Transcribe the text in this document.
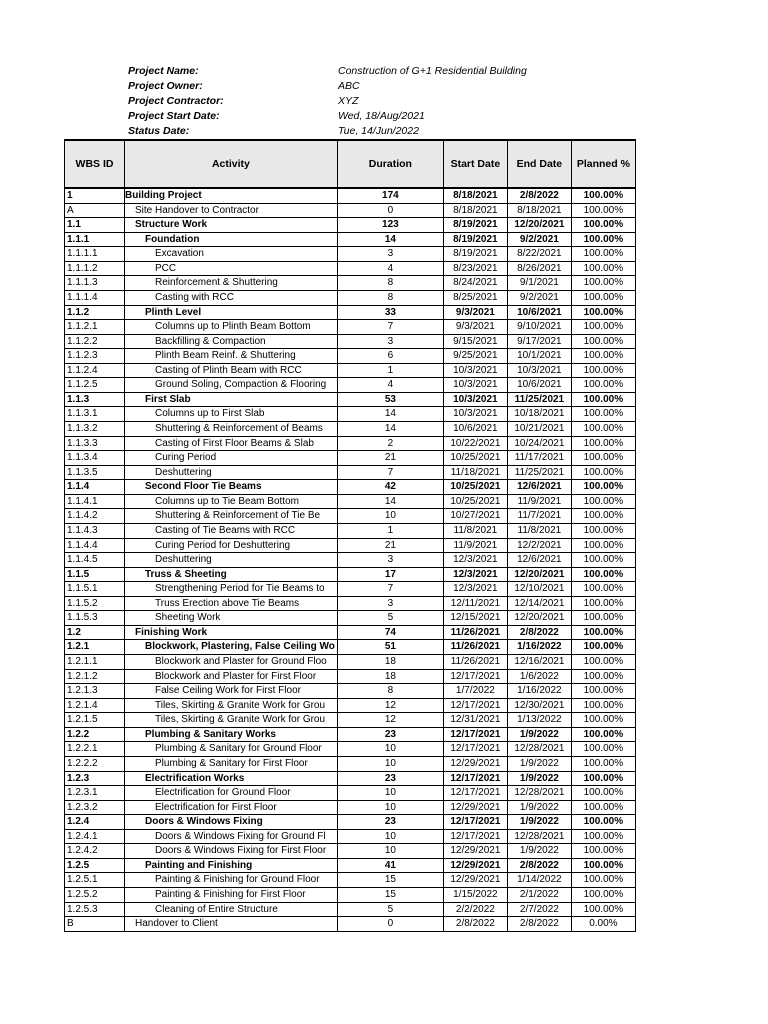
Project Name:	Construction of G+1 Residential Building
Project Owner:	ABC
Project Contractor:	XYZ
Project Start Date:	Wed, 18/Aug/2021
Status Date:	Tue, 14/Jun/2022
WBS ID	Activity	Duration	Start Date	End Date	Planned %
1	Building Project	174	8/18/2021	2/8/2022	100.00%
A	Site Handover to Contractor	0	8/18/2021	8/18/2021	100.00%
1.1	Structure Work	123	8/19/2021	12/20/2021	100.00%
1.1.1	Foundation	14	8/19/2021	9/2/2021	100.00%
1.1.1.1	Excavation	3	8/19/2021	8/22/2021	100.00%
1.1.1.2	PCC	4	8/23/2021	8/26/2021	100.00%
1.1.1.3	Reinforcement & Shuttering	8	8/24/2021	9/1/2021	100.00%
1.1.1.4	Casting with RCC	8	8/25/2021	9/2/2021	100.00%
1.1.2	Plinth Level	33	9/3/2021	10/6/2021	100.00%
1.1.2.1	Columns up to Plinth Beam Bottom	7	9/3/2021	9/10/2021	100.00%
1.1.2.2	Backfilling & Compaction	3	9/15/2021	9/17/2021	100.00%
1.1.2.3	Plinth Beam Reinf. & Shuttering	6	9/25/2021	10/1/2021	100.00%
1.1.2.4	Casting of Plinth Beam with RCC	1	10/3/2021	10/3/2021	100.00%
1.1.2.5	Ground Soling, Compaction & Flooring	4	10/3/2021	10/6/2021	100.00%
1.1.3	First Slab	53	10/3/2021	11/25/2021	100.00%
1.1.3.1	Columns up to First Slab	14	10/3/2021	10/18/2021	100.00%
1.1.3.2	Shuttering & Reinforcement of Beams	14	10/6/2021	10/21/2021	100.00%
1.1.3.3	Casting of First Floor Beams & Slab	2	10/22/2021	10/24/2021	100.00%
1.1.3.4	Curing Period	21	10/25/2021	11/17/2021	100.00%
1.1.3.5	Deshuttering	7	11/18/2021	11/25/2021	100.00%
1.1.4	Second Floor Tie Beams	42	10/25/2021	12/6/2021	100.00%
1.1.4.1	Columns up to Tie Beam Bottom	14	10/25/2021	11/9/2021	100.00%
1.1.4.2	Shuttering & Reinforcement of Tie Be	10	10/27/2021	11/7/2021	100.00%
1.1.4.3	Casting of Tie Beams with RCC	1	11/8/2021	11/8/2021	100.00%
1.1.4.4	Curing Period for Deshuttering	21	11/9/2021	12/2/2021	100.00%
1.1.4.5	Deshuttering	3	12/3/2021	12/6/2021	100.00%
1.1.5	Truss & Sheeting	17	12/3/2021	12/20/2021	100.00%
1.1.5.1	Strengthening Period for Tie Beams to	7	12/3/2021	12/10/2021	100.00%
1.1.5.2	Truss Erection above Tie Beams	3	12/11/2021	12/14/2021	100.00%
1.1.5.3	Sheeting Work	5	12/15/2021	12/20/2021	100.00%
1.2	Finishing Work	74	11/26/2021	2/8/2022	100.00%
1.2.1	Blockwork, Plastering, False Ceiling Wo	51	11/26/2021	1/16/2022	100.00%
1.2.1.1	Blockwork and Plaster for Ground Floo	18	11/26/2021	12/16/2021	100.00%
1.2.1.2	Blockwork and Plaster for First Floor	18	12/17/2021	1/6/2022	100.00%
1.2.1.3	False Ceiling Work for First Floor	8	1/7/2022	1/16/2022	100.00%
1.2.1.4	Tiles, Skirting & Granite Work for Grou	12	12/17/2021	12/30/2021	100.00%
1.2.1.5	Tiles, Skirting & Granite Work for Grou	12	12/31/2021	1/13/2022	100.00%
1.2.2	Plumbing & Sanitary Works	23	12/17/2021	1/9/2022	100.00%
1.2.2.1	Plumbing & Sanitary for Ground Floor	10	12/17/2021	12/28/2021	100.00%
1.2.2.2	Plumbing & Sanitary for First Floor	10	12/29/2021	1/9/2022	100.00%
1.2.3	Electrification Works	23	12/17/2021	1/9/2022	100.00%
1.2.3.1	Electrification for Ground Floor	10	12/17/2021	12/28/2021	100.00%
1.2.3.2	Electrification for First Floor	10	12/29/2021	1/9/2022	100.00%
1.2.4	Doors & Windows Fixing	23	12/17/2021	1/9/2022	100.00%
1.2.4.1	Doors & Windows Fixing for Ground Fl	10	12/17/2021	12/28/2021	100.00%
1.2.4.2	Doors & Windows Fixing for First Floor	10	12/29/2021	1/9/2022	100.00%
1.2.5	Painting and Finishing	41	12/29/2021	2/8/2022	100.00%
1.2.5.1	Painting & Finishing for Ground Floor	15	12/29/2021	1/14/2022	100.00%
1.2.5.2	Painting & Finishing for First Floor	15	1/15/2022	2/1/2022	100.00%
1.2.5.3	Cleaning of Entire Structure	5	2/2/2022	2/7/2022	100.00%
B	Handover to Client	0	2/8/2022	2/8/2022	0.00%
